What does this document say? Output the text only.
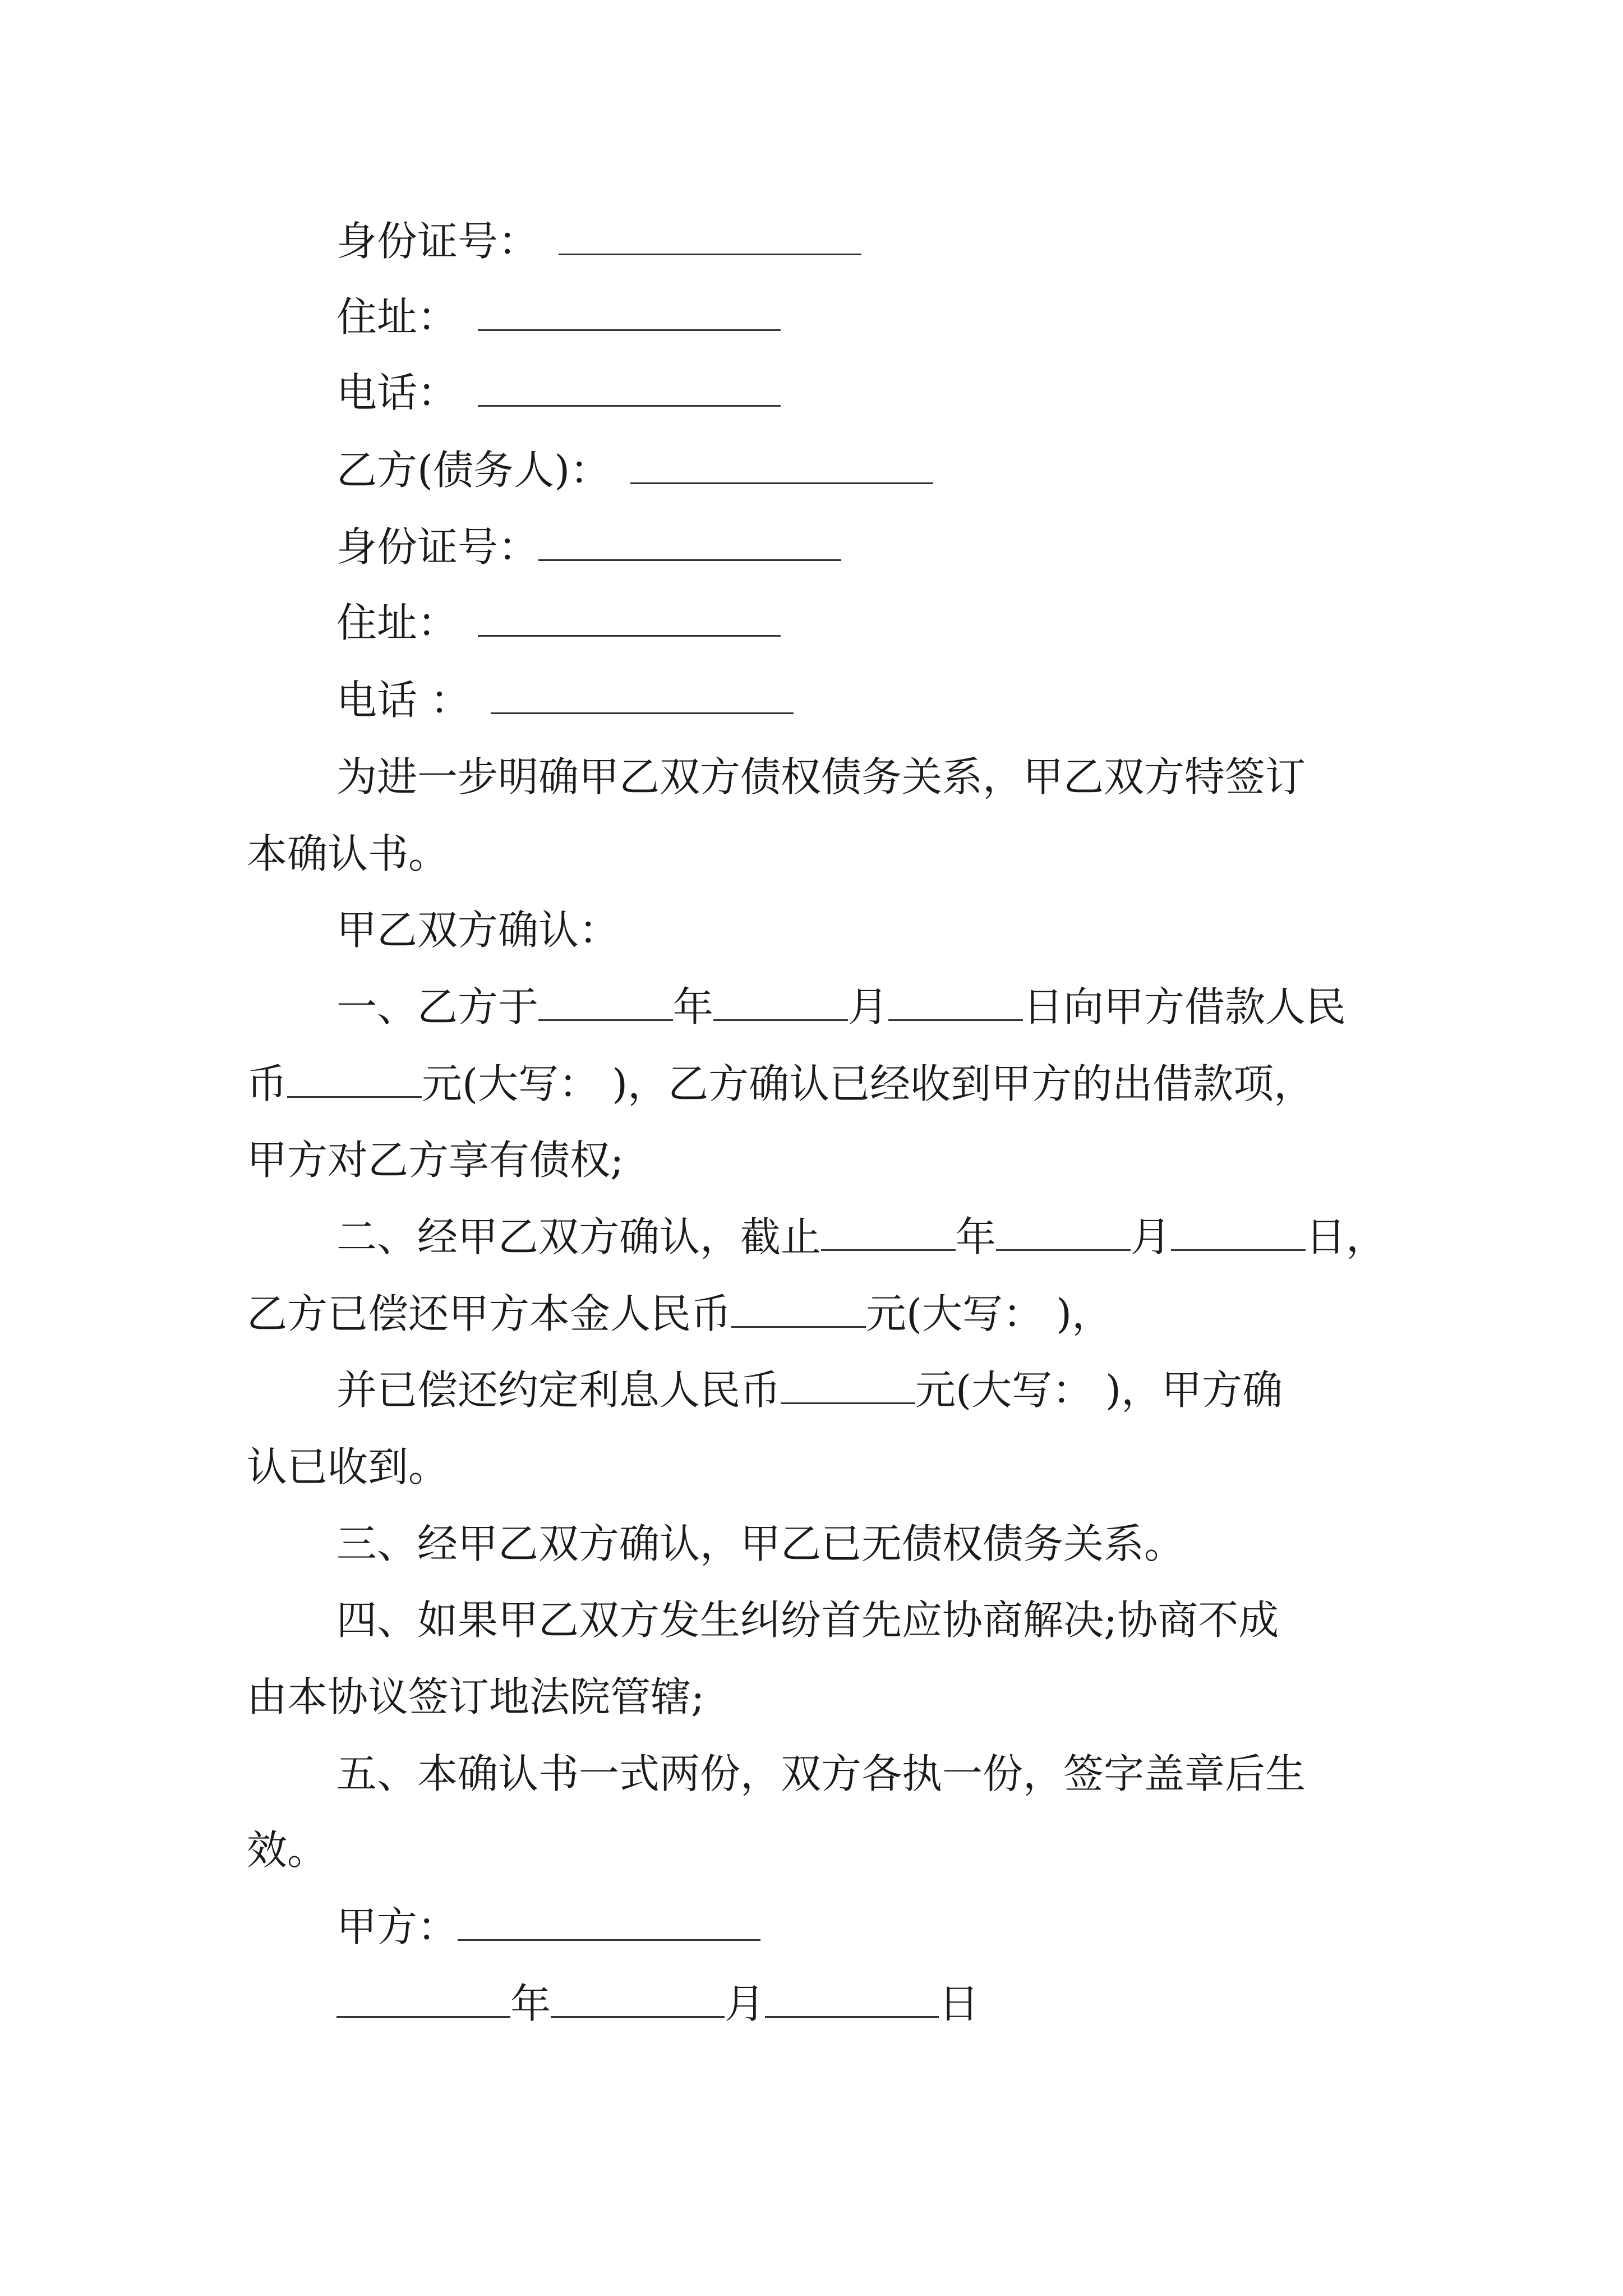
身份证号：
住址：
电话：
乙方(债务人)：
身份证号：
住址：
电话 ：
为进一步明确甲乙双方债权债务关系，甲乙双方特签订
本确认书。
甲乙双方确认：
一、乙方于	年	月	日向甲方借款人民
币	元(大写： )，乙方确认已经收到甲方的出借款项，
甲方对乙方享有债权;
二、经甲乙双方确认，截止	年	月	日，
乙方已偿还甲方本金人民币	元(大写： )，
并已偿还约定利息人民币	元(大写： )，甲方确
认已收到。
三、经甲乙双方确认，甲乙已无债权债务关系。
四、如果甲乙双方发生纠纷首先应协商解决;协商不成
由本协议签订地法院管辖;
五、本确认书一式两份，双方各执一份，签字盖章后生
效。
甲方：
年	月	日
